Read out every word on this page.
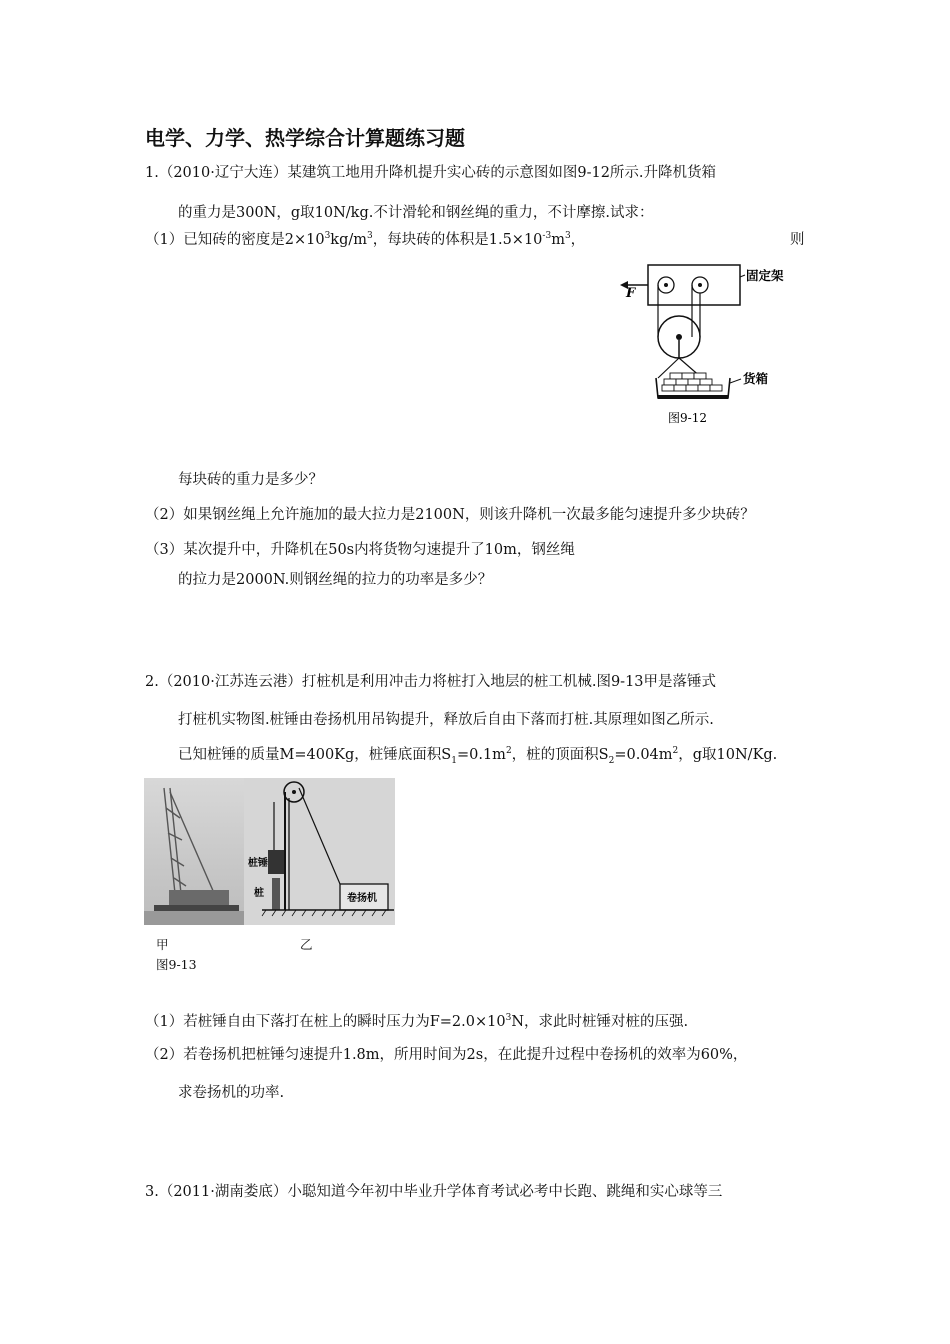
电学、力学、热学综合计算题练习题
1.（2010·辽宁大连）某建筑工地用升降机提升实心砖的示意图如图9-12所示.升降机货箱
的重力是300N，g取10N/kg.不计滑轮和钢丝绳的重力，不计摩擦.试求：
（1）已知砖的密度是$2\times 10^3kg/m^3$，每块砖的体积是$1.5\times 10^{-3}m^3$，	则
F
固定架
货箱
图9-12
每块砖的重力是多少？
（2）如果钢丝绳上允许施加的最大拉力是2100N，则该升降机一次最多能匀速提升多少块砖？
（3）某次提升中，升降机在50s内将货物匀速提升了10m，钢丝绳
的拉力是2000N.则钢丝绳的拉力的功率是多少？
2.（2010·江苏连云港）打桩机是利用冲击力将桩打入地层的桩工机械.图9-13甲是落锤式
打桩机实物图.桩锤由卷扬机用吊钩提升，释放后自由下落而打桩.其原理如图乙所示.
已知桩锤的质量M=400Kg，桩锤底面积$S_1=0.1m^2$，桩的顶面积$S_2=0.04m^2$，g取10N/Kg.
桩锤
桩	卷扬机
甲	乙
图9-13
（1）若桩锤自由下落打在桩上的瞬时压力为$F=2.0\times 10^3N$，求此时桩锤对桩的压强.
（2）若卷扬机把桩锤匀速提升1.8m，所用时间为2s，在此提升过程中卷扬机的效率为60%，
求卷扬机的功率.
3.（2011·湖南娄底）小聪知道今年初中毕业升学体育考试必考中长跑、跳绳和实心球等三
